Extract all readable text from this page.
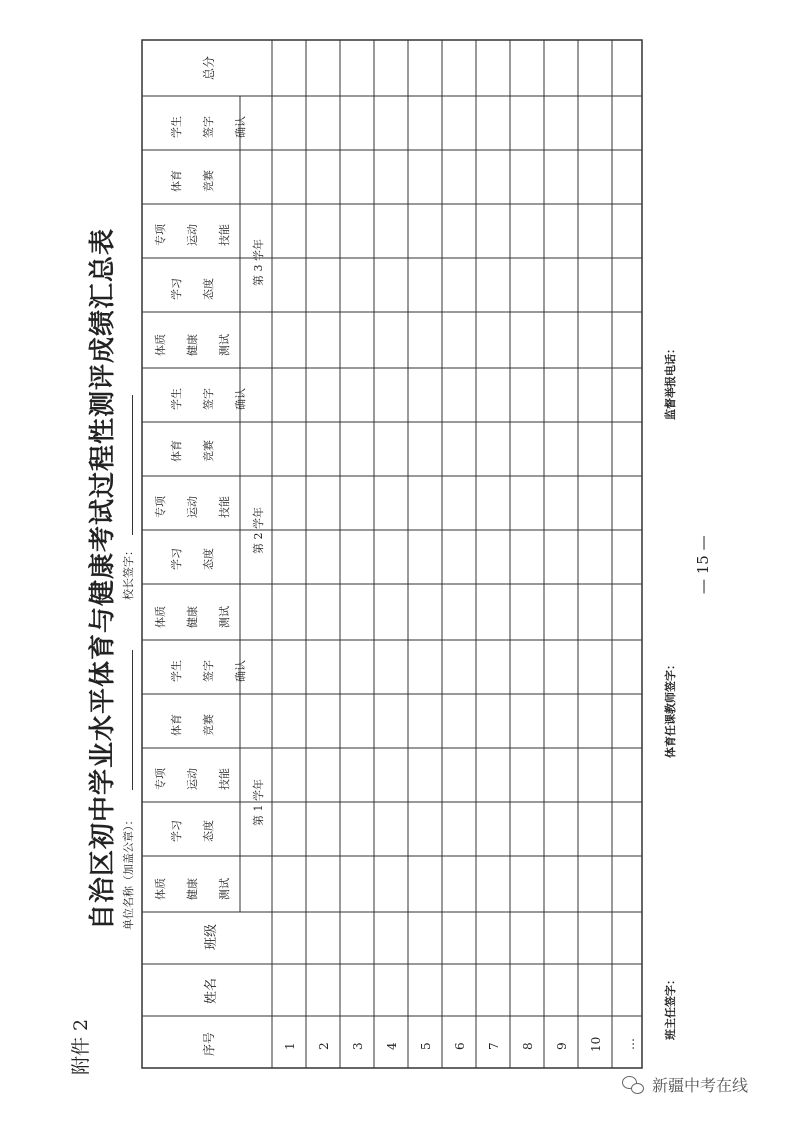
附件 2
自治区初中学业水平体育与健康考试过程性测评成绩汇总表 单位名称（加盖公章）：
校长签字：
序号
姓名
班级
体质 健康 测试
学习 态度
专项 运动 技能
体育 竞赛
学生 签字 确认
第 1 学年
体质 健康 测试
学习 态度
专项 运动 技能
体育 竞赛
学生 签字 确认
第 2 学年
体质 健康 测试
学习 态度
专项 运动 技能
体育 竞赛
学生 签字 确认
第 3 学年
总分
1 2 3 4 5 6 7 8 9 10 …
班主任签字：
体育任课教师签字：
监督举报电话：
— 15 —
新疆中考在线
